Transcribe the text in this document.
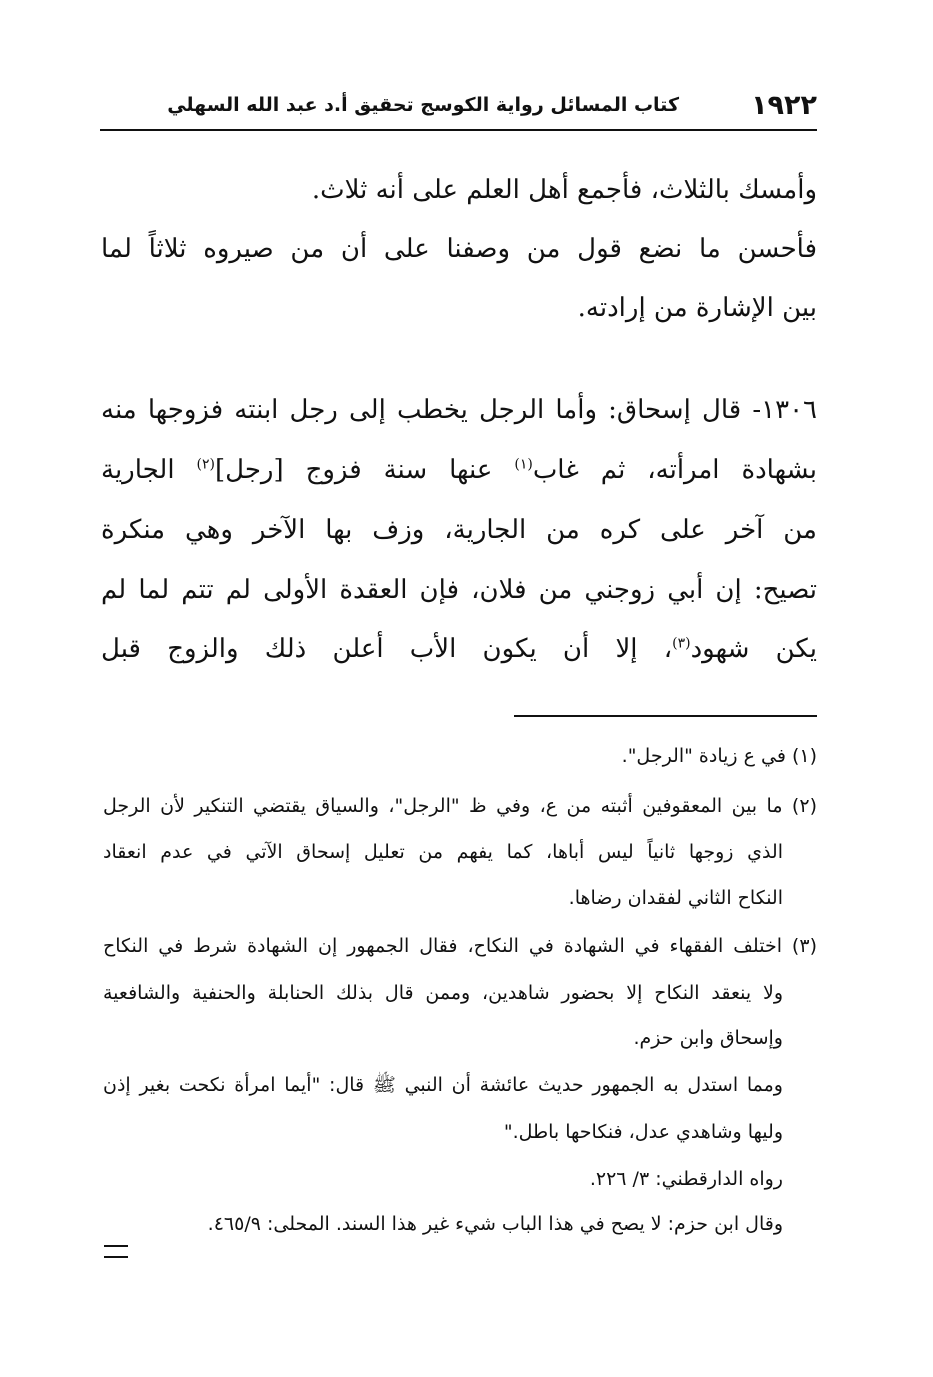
١٩٢٢
كتاب المسائل رواية الكوسج تحقيق أ.د عبد الله السهلي
وأمسك بالثلاث، فأجمع أهل العلم على أنه ثلاث.
فأحسن ما نضع قول من وصفنا على أن من صيروه ثلاثاً لما
بين الإشارة من إرادته.
١٣٠٦- قال إسحاق: وأما الرجل يخطب إلى رجل ابنته فزوجها منه
بشهادة امرأته، ثم غاب$^{(١)}$ عنها سنة فزوج [رجل]$^{(٢)}$ الجارية
من آخر على كره من الجارية، وزف بها الآخر وهي منكرة
تصيح: إن أبي زوجني من فلان، فإن العقدة الأولى لم تتم لما لم
يكن شهود$^{(٣)}$، إلا أن يكون الأب أعلن ذلك والزوج قبل
(١) في ع زيادة "الرجل".
(٢) ما بين المعقوفين أثبته من ع، وفي ظ "الرجل"، والسياق يقتضي التنكير لأن الرجل
الذي زوجها ثانياً ليس أباها، كما يفهم من تعليل إسحاق الآتي في عدم انعقاد
النكاح الثاني لفقدان رضاها.
(٣) اختلف الفقهاء في الشهادة في النكاح، فقال الجمهور إن الشهادة شرط في النكاح
ولا ينعقد النكاح إلا بحضور شاهدين، وممن قال بذلك الحنابلة والحنفية والشافعية
وإسحاق وابن حزم.
ومما استدل به الجمهور حديث عائشة أن النبي ﷺ قال: "أيما امرأة نكحت بغير إذن
وليها وشاهدي عدل، فنكاحها باطل."
رواه الدارقطني: ٣/ ٢٢٦.
وقال ابن حزم: لا يصح في هذا الباب شيء غير هذا السند. المحلى: ٤٦٥/٩.
